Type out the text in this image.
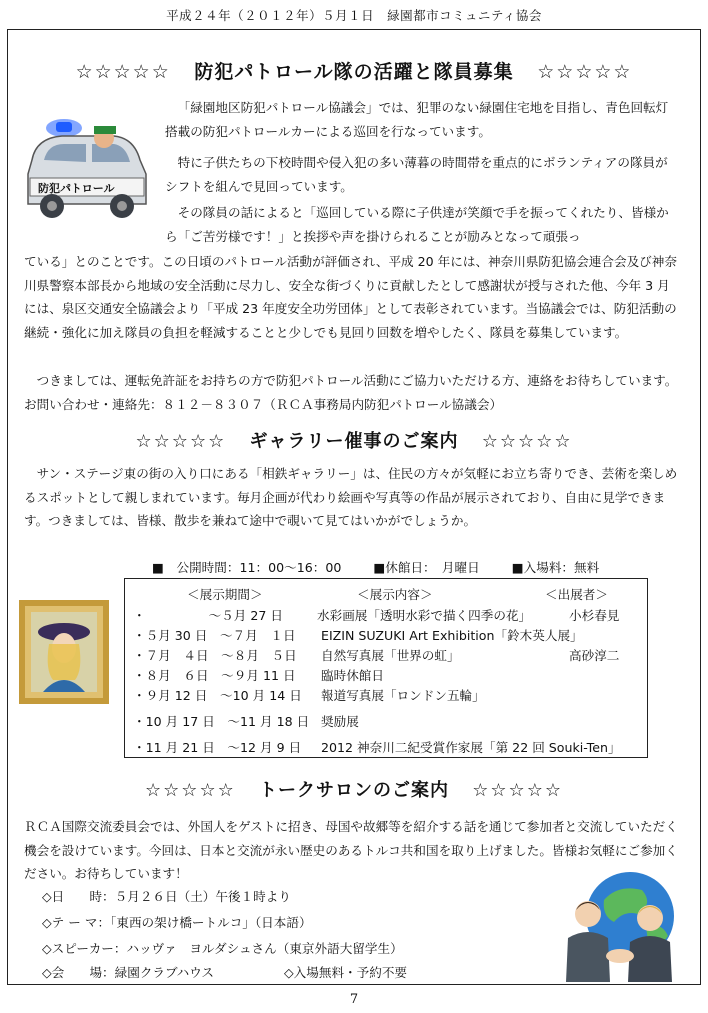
平成２４年（２０１２年）５月１日　緑園都市コミュニティ協会
☆☆☆☆☆ 防犯パトロール隊の活躍と隊員募集 ☆☆☆☆☆
防犯パトロール

「緑園地区防犯パトロール協議会」では、犯罪のない緑園住宅地を目指し、青色回転灯搭載の防犯パトロールカーによる巡回を行なっています。

特に子供たちの下校時間や侵入犯の多い薄暮の時間帯を重点的にボランティアの隊員がシフトを組んで見回っています。

その隊員の話によると「巡回している際に子供達が笑顔で手を振ってくれたり、皆様から「ご苦労様です！」と挨拶や声を掛けられることが励みとなって頑張っ

ている」とのことです。この日頃のパトロール活動が評価され、平成 20 年には、神奈川県防犯協会連合会及び神奈川県警察本部長から地域の安全活動に尽力し、安全な街づくりに貢献したとして感謝状が授与された他、今年 3 月には、泉区交通安全協議会より「平成 23 年度安全功労団体」として表彰されています。当協議会では、防犯活動の継続・強化に加え隊員の負担を軽減することと少しでも見回り回数を増やしたく、隊員を募集しています。

つきましては、運転免許証をお持ちの方で防犯パトロール活動にご協力いただける方、連絡をお待ちしています。　お問い合わせ・連絡先：８１２－８３０７（ＲＣＡ事務局内防犯パトロール協議会）

☆☆☆☆☆ ギャラリー催事のご案内 ☆☆☆☆☆

サン・ステージ東の街の入り口にある「相鉄ギャラリー」は、住民の方々が気軽にお立ち寄りでき、芸術を楽しめるスポットとして親しまれています。毎月企画が代わり絵画や写真等の作品が展示されており、自由に見学できます。つきましては、皆様、散歩を兼ねて途中で覗いて見てはいかがでしょうか。

■　公開時間：11：00～16：00	■休館日：　月曜日	■入場料：無料
＜展示期間＞	＜展示内容＞	＜出展者＞
・　　　　　～５月 27 日	水彩画展「透明水彩で描く四季の花」	小杉春見
・５月 30 日　～７月　１日 EIZIN SUZUKI Art Exhibition「鈴木英人展」
・７月　４日　～８月　５日 自然写真展「世界の虹」	高砂淳二
・８月　６日　～９月 11 日 臨時休館日
・９月 12 日　～10 月 14 日 報道写真展「ロンドン五輪」
・10 月 17 日　～11 月 18 日 奨励展
・11 月 21 日　～12 月 9 日 2012 神奈川二紀受賞作家展「第 22 回 Souki-Ten」
☆☆☆☆☆ トークサロンのご案内 ☆☆☆☆☆

ＲＣＡ国際交流委員会では、外国人をゲストに招き、母国や故郷等を紹介する話を通じて参加者と交流していただく機会を設けています。今回は、日本と交流が永い歴史のあるトルコ共和国を取り上げました。皆様お気軽にご参加ください。お待ちしています！

◇日　　時：５月２６日（土）午後１時より
◇テ ー マ：「東西の架け橋ートルコ」（日本語）
◇スピーカー：ハッヴァ　ヨルダシュさん（東京外語大留学生）
◇会　　場：緑園クラブハウス	◇入場無料・予約不要
7
